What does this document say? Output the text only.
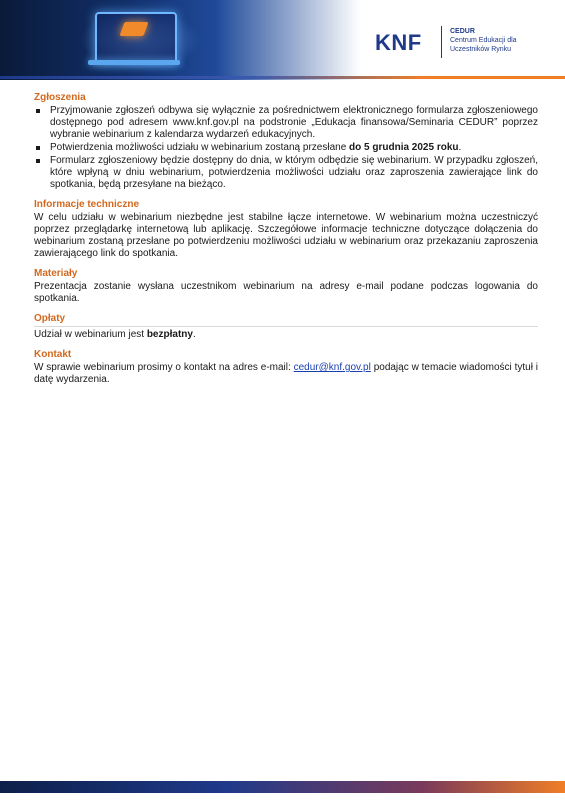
KNF	CEDUR
Centrum Edukacji dla
Uczestników Rynku
Zgłoszenia
Przyjmowanie zgłoszeń odbywa się wyłącznie za pośrednictwem elektronicznego formularza zgłoszeniowego dostępnego pod adresem www.knf.gov.pl na podstronie „Edukacja finansowa/Seminaria CEDUR” poprzez wybranie webinarium z kalendarza wydarzeń edukacyjnych.
Potwierdzenia możliwości udziału w webinarium zostaną przesłane do 5 grudnia 2025 roku.
Formularz zgłoszeniowy będzie dostępny do dnia, w którym odbędzie się webinarium. W przypadku zgłoszeń, które wpłyną w dniu webinarium, potwierdzenia możliwości udziału oraz zaproszenia zawierające link do spotkania, będą przesyłane na bieżąco.
Informacje techniczne

W celu udziału w webinarium niezbędne jest stabilne łącze internetowe. W webinarium można uczestniczyć poprzez przeglądarkę internetową lub aplikację. Szczegółowe informacje techniczne dotyczące dołączenia do webinarium zostaną przesłane po potwierdzeniu możliwości udziału w webinarium oraz przekazaniu zaproszenia zawierającego link do spotkania.

Materiały

Prezentacja zostanie wysłana uczestnikom webinarium na adresy e-mail podane podczas logowania do spotkania.

Opłaty

Udział w webinarium jest bezpłatny.

Kontakt

W sprawie webinarium prosimy o kontakt na adres e-mail: cedur@knf.gov.pl podając w temacie wiadomości tytuł i datę wydarzenia.
